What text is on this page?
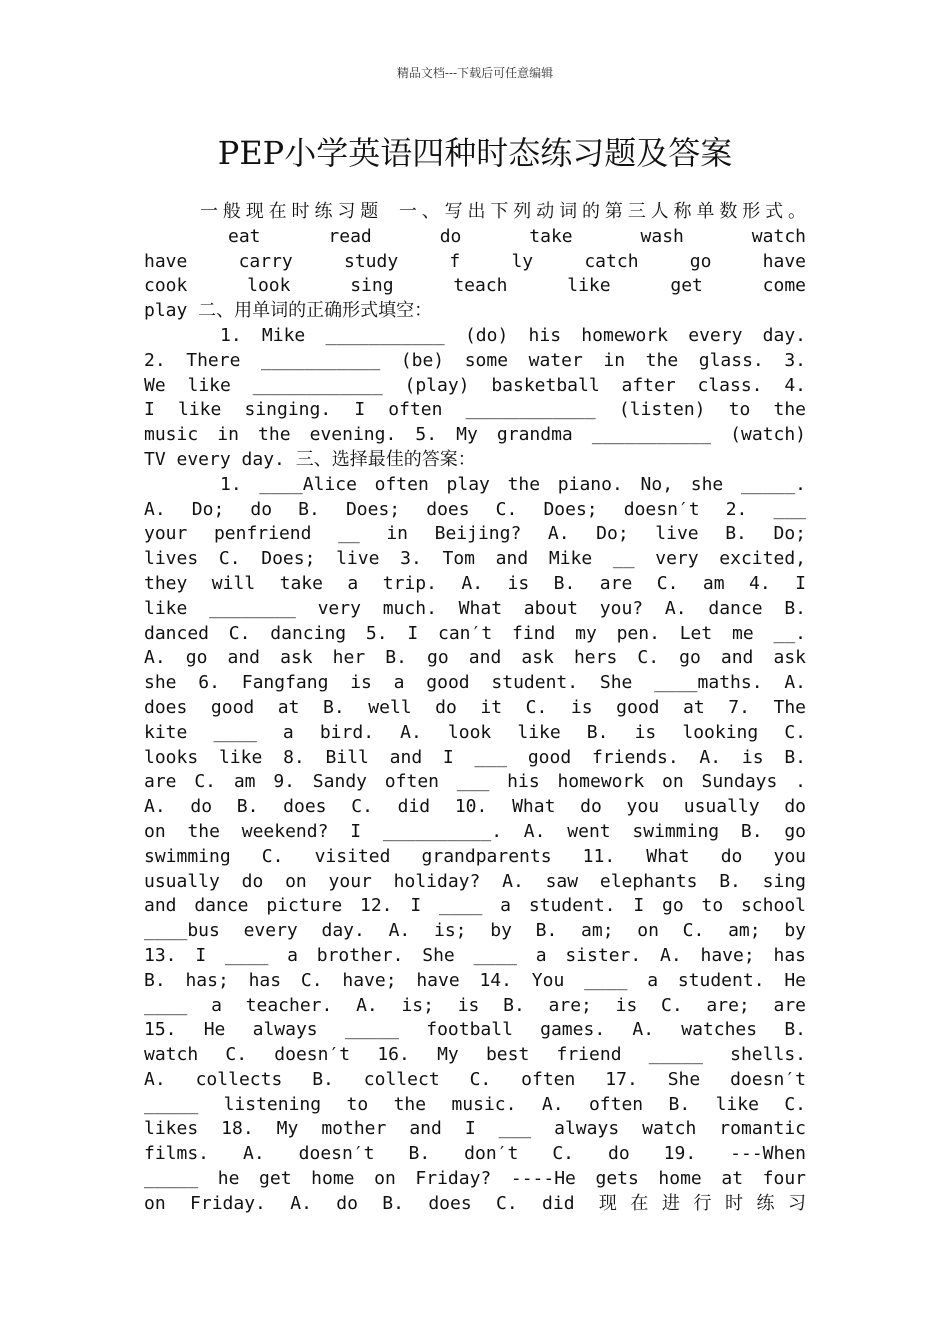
精品文档---下载后可任意编辑
PEP小学英语四种时态练习题及答案
一般现在时练习题 一、写出下列动词的第三人称单数形式。
eat read do take wash watch
have carry study f ly catch go have
cook look sing teach like get come
play 二、用单词的正确形式填空：
1. Mike ___________ (do) his homework every day.
2. There ___________ (be) some water in the glass. 3.
We like ____________ (play) basketball after class. 4.
I like singing. I often ____________ (listen) to the
music in the evening. 5. My grandma ___________ (watch)
TV every day. 三、选择最佳的答案：
1. ____Alice often play the piano. No, she _____.
A. Do; do B. Does; does C. Does; doesn′t 2. ___
your penfriend __ in Beijing? A. Do; live B. Do;
lives C. Does; live 3. Tom and Mike __ very excited,
they will take a trip. A. is B. are C. am 4. I
like ________ very much. What about you? A. dance B.
danced C. dancing 5. I can′t find my pen. Let me __.
A. go and ask her B. go and ask hers C. go and ask
she 6. Fangfang is a good student. She ____maths. A.
does good at B. well do it C. is good at 7. The
kite ____ a bird. A. look like B. is looking C.
looks like 8. Bill and I ___ good friends. A. is B.
are C. am 9. Sandy often ___ his homework on Sundays .
A. do B. does C. did 10. What do you usually do
on the weekend? I __________. A. went swimming B. go
swimming C. visited grandparents 11. What do you
usually do on your holiday? A. saw elephants B. sing
and dance picture 12. I ____ a student. I go to school
____bus every day. A. is; by B. am; on C. am; by
13. I ____ a brother. She ____ a sister. A. have; has
B. has; has C. have; have 14. You ____ a student. He
____ a teacher. A. is; is B. are; is C. are; are
15. He always _____ football games. A. watches B.
watch C. doesn′t 16. My best friend _____ shells.
A. collects B. collect C. often 17. She doesn′t
_____ listening to the music. A. often B. like C.
likes 18. My mother and I ___ always watch romantic
films. A. doesn′t B. don′t C. do 19. ---When
_____ he get home on Friday? ----He gets home at four
on Friday. A. do B. does C. did 现在进行时练习
